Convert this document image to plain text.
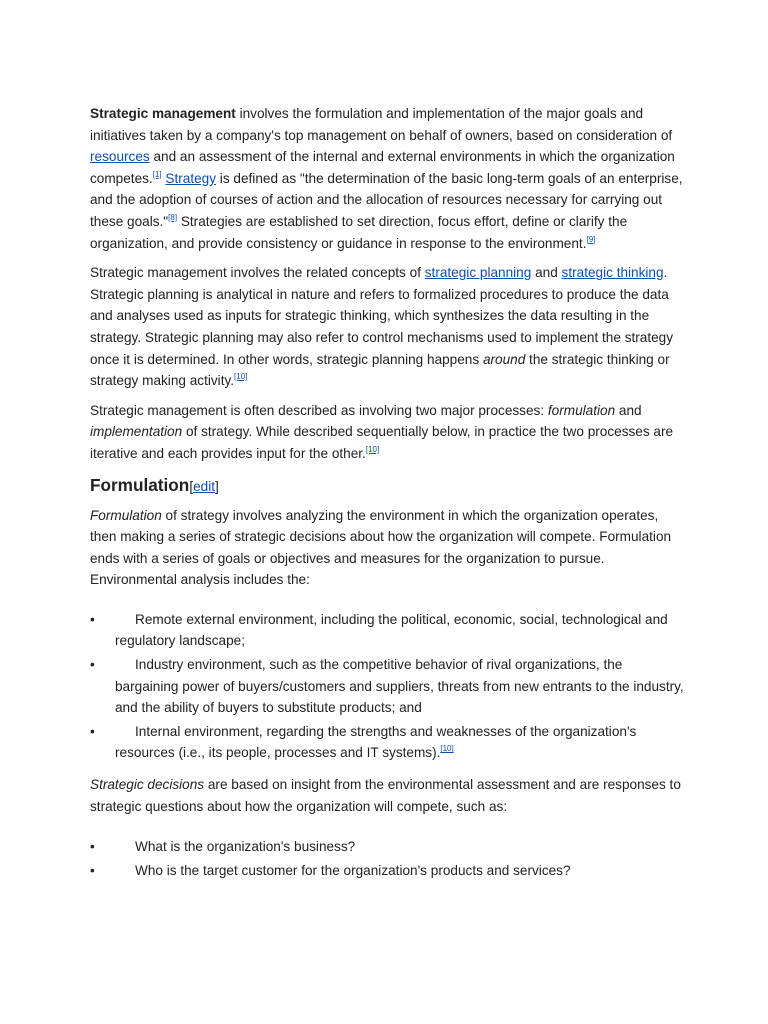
Strategic management involves the formulation and implementation of the major goals and initiatives taken by a company's top management on behalf of owners, based on consideration of resources and an assessment of the internal and external environments in which the organization competes.[1] Strategy is defined as "the determination of the basic long-term goals of an enterprise, and the adoption of courses of action and the allocation of resources necessary for carrying out these goals."[8] Strategies are established to set direction, focus effort, define or clarify the organization, and provide consistency or guidance in response to the environment.[9]

Strategic management involves the related concepts of strategic planning and strategic thinking. Strategic planning is analytical in nature and refers to formalized procedures to produce the data and analyses used as inputs for strategic thinking, which synthesizes the data resulting in the strategy. Strategic planning may also refer to control mechanisms used to implement the strategy once it is determined. In other words, strategic planning happens around the strategic thinking or strategy making activity.[10]

Strategic management is often described as involving two major processes: formulation and implementation of strategy. While described sequentially below, in practice the two processes are iterative and each provides input for the other.[10]

Formulation[edit]

Formulation of strategy involves analyzing the environment in which the organization operates, then making a series of strategic decisions about how the organization will compete. Formulation ends with a series of goals or objectives and measures for the organization to pursue. Environmental analysis includes the:

•	Remote external environment, including the political, economic, social, technological and regulatory landscape;
•	Industry environment, such as the competitive behavior of rival organizations, the bargaining power of buyers/customers and suppliers, threats from new entrants to the industry, and the ability of buyers to substitute products; and
•	Internal environment, regarding the strengths and weaknesses of the organization's resources (i.e., its people, processes and IT systems).[10]

Strategic decisions are based on insight from the environmental assessment and are responses to strategic questions about how the organization will compete, such as:

•	What is the organization's business?
•	Who is the target customer for the organization's products and services?
